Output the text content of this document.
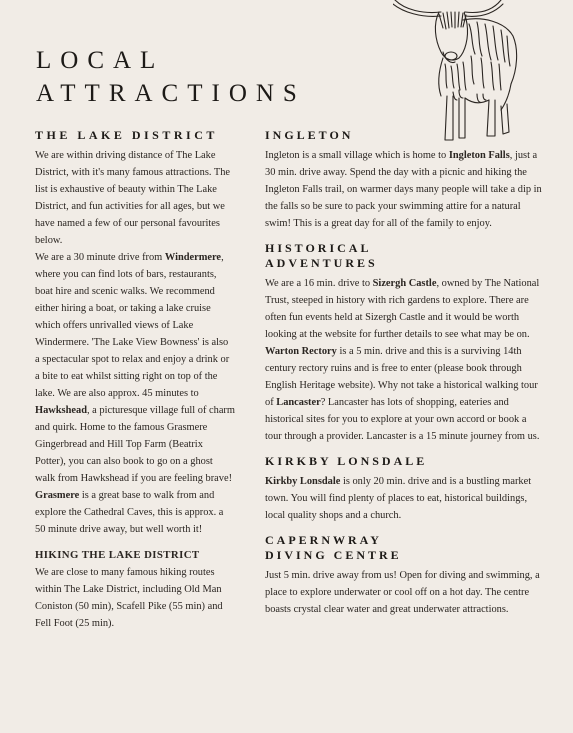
LOCAL
ATTRACTIONS
THE LAKE DISTRICT

We are within driving distance of The Lake District, with it's many famous attractions. The list is exhaustive of beauty within The Lake District, and fun activities for all ages, but we have named a few of our personal favourites below.

We are a 30 minute drive from Windermere, where you can find lots of bars, restaurants, boat hire and scenic walks. We recommend either hiring a boat, or taking a lake cruise which offers unrivalled views of Lake Windermere. 'The Lake View Bowness' is also a spectacular spot to relax and enjoy a drink or a bite to eat whilst sitting right on top of the lake. We are also approx. 45 minutes to Hawkshead, a picturesque village full of charm and quirk. Home to the famous Grasmere Gingerbread and Hill Top Farm (Beatrix Potter), you can also book to go on a ghost walk from Hawkshead if you are feeling brave! Grasmere is a great base to walk from and explore the Cathedral Caves, this is approx. a 50 minute drive away, but well worth it!

HIKING THE LAKE DISTRICT

We are close to many famous hiking routes within The Lake District, including Old Man Coniston (50 min), Scafell Pike (55 min) and Fell Foot (25 min).

INGLETON

Ingleton is a small village which is home to Ingleton Falls, just a 30 min. drive away. Spend the day with a picnic and hiking the Ingleton Falls trail, on warmer days many people will take a dip in the falls so be sure to pack your swimming attire for a natural swim! This is a great day for all of the family to enjoy.

HISTORICAL
ADVENTURES

We are a 16 min. drive to Sizergh Castle, owned by The National Trust, steeped in history with rich gardens to explore. There are often fun events held at Sizergh Castle and it would be worth looking at the website for further details to see what may be on. Warton Rectory is a 5 min. drive and this is a surviving 14th century rectory ruins and is free to enter (please book through English Heritage website). Why not take a historical walking tour of Lancaster? Lancaster has lots of shopping, eateries and historical sites for you to explore at your own accord or book a tour through a provider. Lancaster is a 15 minute journey from us.

KIRKBY LONSDALE

Kirkby Lonsdale is only 20 min. drive and is a bustling market town. You will find plenty of places to eat, historical buildings, local quality shops and a church.

CAPERNWRAY
DIVING CENTRE

Just 5 min. drive away from us! Open for diving and swimming, a place to explore underwater or cool off on a hot day. The centre boasts crystal clear water and great underwater attractions.
